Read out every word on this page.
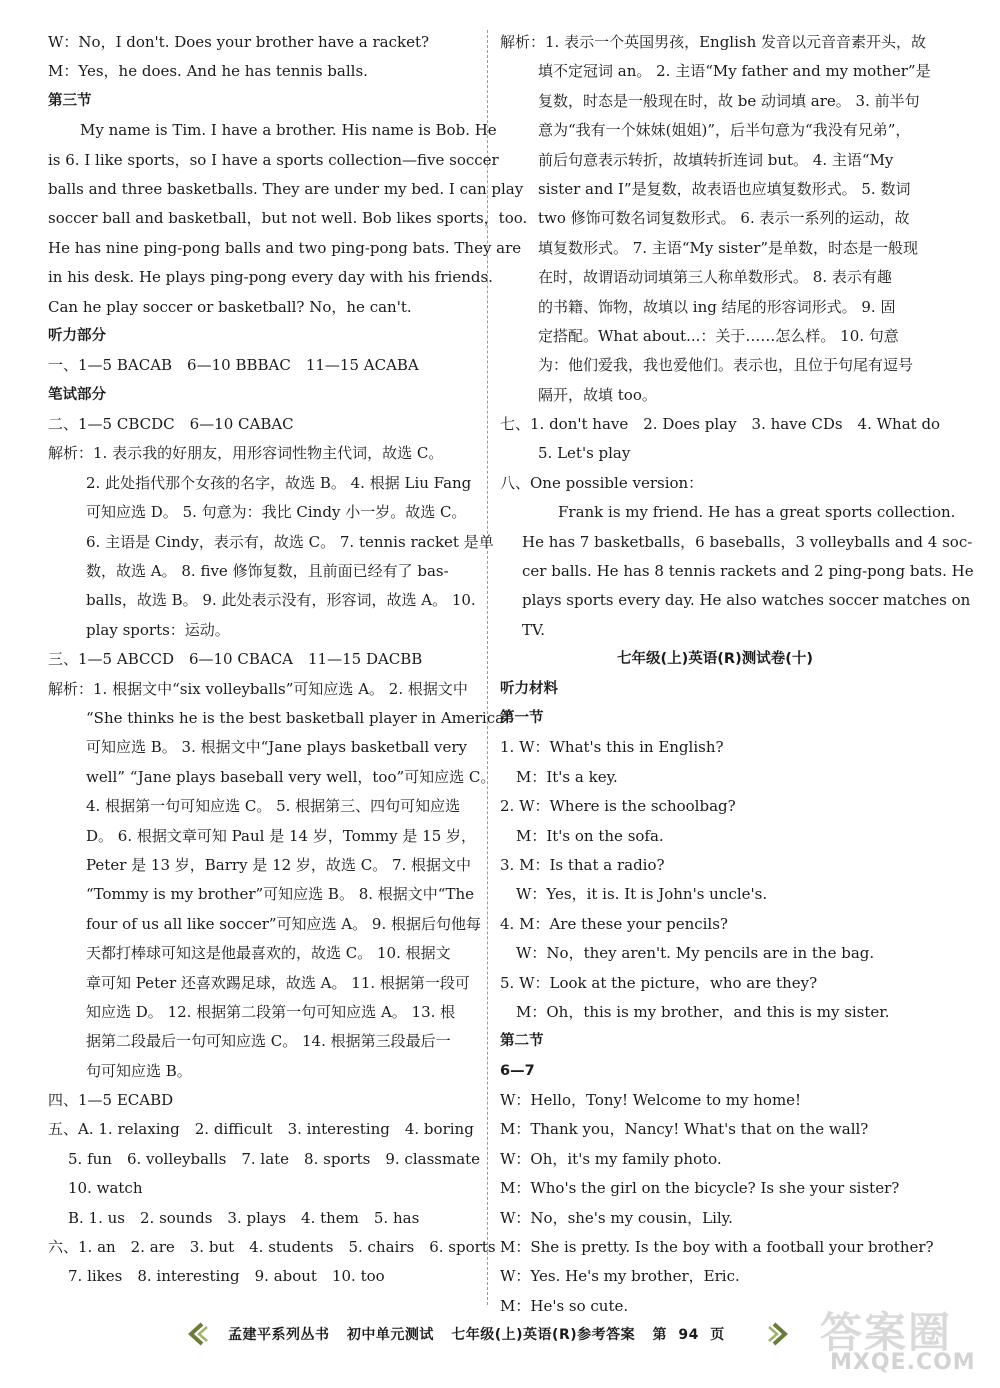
W：No，I don't. Does your brother have a racket?
M：Yes，he does. And he has tennis balls.
第三节
My name is Tim. I have a brother. His name is Bob. He
is 6. I like sports，so I have a sports collection—five soccer
balls and three basketballs. They are under my bed. I can play
soccer ball and basketball，but not well. Bob likes sports，too.
He has nine ping-pong balls and two ping-pong bats. They are
in his desk. He plays ping-pong every day with his friends.
Can he play soccer or basketball? No，he can't.
听力部分
一、1—5 BACAB　6—10 BBBAC　11—15 ACABA
笔试部分
二、1—5 CBCDC　6—10 CABAC
解析：1. 表示我的好朋友，用形容词性物主代词，故选 C。
2. 此处指代那个女孩的名字，故选 B。 4. 根据 Liu Fang
可知应选 D。 5. 句意为：我比 Cindy 小一岁。故选 C。
6. 主语是 Cindy，表示有，故选 C。 7. tennis racket 是单
数，故选 A。 8. five 修饰复数，且前面已经有了 bas-
balls，故选 B。 9. 此处表示没有，形容词，故选 A。 10.
play sports：运动。
三、1—5 ABCCD　6—10 CBACA　11—15 DACBB
解析：1. 根据文中“six volleyballs”可知应选 A。 2. 根据文中
“She thinks he is the best basketball player in America”
可知应选 B。 3. 根据文中“Jane plays basketball very
well” “Jane plays baseball very well，too”可知应选 C。
4. 根据第一句可知应选 C。 5. 根据第三、四句可知应选
D。 6. 根据文章可知 Paul 是 14 岁，Tommy 是 15 岁，
Peter 是 13 岁，Barry 是 12 岁，故选 C。 7. 根据文中
“Tommy is my brother”可知应选 B。 8. 根据文中“The
four of us all like soccer”可知应选 A。 9. 根据后句他每
天都打棒球可知这是他最喜欢的，故选 C。 10. 根据文
章可知 Peter 还喜欢踢足球，故选 A。 11. 根据第一段可
知应选 D。 12. 根据第二段第一句可知应选 A。 13. 根
据第二段最后一句可知应选 C。 14. 根据第三段最后一
句可知应选 B。
四、1—5 ECABD
五、A. 1. relaxing　2. difficult　3. interesting　4. boring
5. fun　6. volleyballs　7. late　8. sports　9. classmate
10. watch
B. 1. us　2. sounds　3. plays　4. them　5. has
六、1. an　2. are　3. but　4. students　5. chairs　6. sports
7. likes　8. interesting　9. about　10. too
解析：1. 表示一个英国男孩，English 发音以元音音素开头，故
填不定冠词 an。 2. 主语“My father and my mother”是
复数，时态是一般现在时，故 be 动词填 are。 3. 前半句
意为“我有一个妹妹(姐姐)”，后半句意为“我没有兄弟”，
前后句意表示转折，故填转折连词 but。 4. 主语“My
sister and I”是复数，故表语也应填复数形式。 5. 数词
two 修饰可数名词复数形式。 6. 表示一系列的运动，故
填复数形式。 7. 主语“My sister”是单数，时态是一般现
在时，故谓语动词填第三人称单数形式。 8. 表示有趣
的书籍、饰物，故填以 ing 结尾的形容词形式。 9. 固
定搭配。What about...：关于……怎么样。 10. 句意
为：他们爱我，我也爱他们。表示也，且位于句尾有逗号
隔开，故填 too。
七、1. don't have　2. Does play　3. have CDs　4. What do
5. Let's play
八、One possible version：
Frank is my friend. He has a great sports collection.
He has 7 basketballs，6 baseballs，3 volleyballs and 4 soc-
cer balls. He has 8 tennis rackets and 2 ping-pong bats. He
plays sports every day. He also watches soccer matches on
TV.
七年级(上)英语(R)测试卷(十)
听力材料
第一节
1. W：What's this in English?
M：It's a key.
2. W：Where is the schoolbag?
M：It's on the sofa.
3. M：Is that a radio?
W：Yes，it is. It is John's uncle's.
4. M：Are these your pencils?
W：No，they aren't. My pencils are in the bag.
5. W：Look at the picture，who are they?
M：Oh，this is my brother，and this is my sister.
第二节
6—7
W：Hello，Tony! Welcome to my home!
M：Thank you，Nancy! What's that on the wall?
W：Oh，it's my family photo.
M：Who's the girl on the bicycle? Is she your sister?
W：No，she's my cousin，Lily.
M：She is pretty. Is the boy with a football your brother?
W：Yes. He's my brother，Eric.
M：He's so cute.
孟建平系列丛书 初中单元测试 七年级(上)英语(R)参考答案 第 94 页 答案圈
MXQE.COM
